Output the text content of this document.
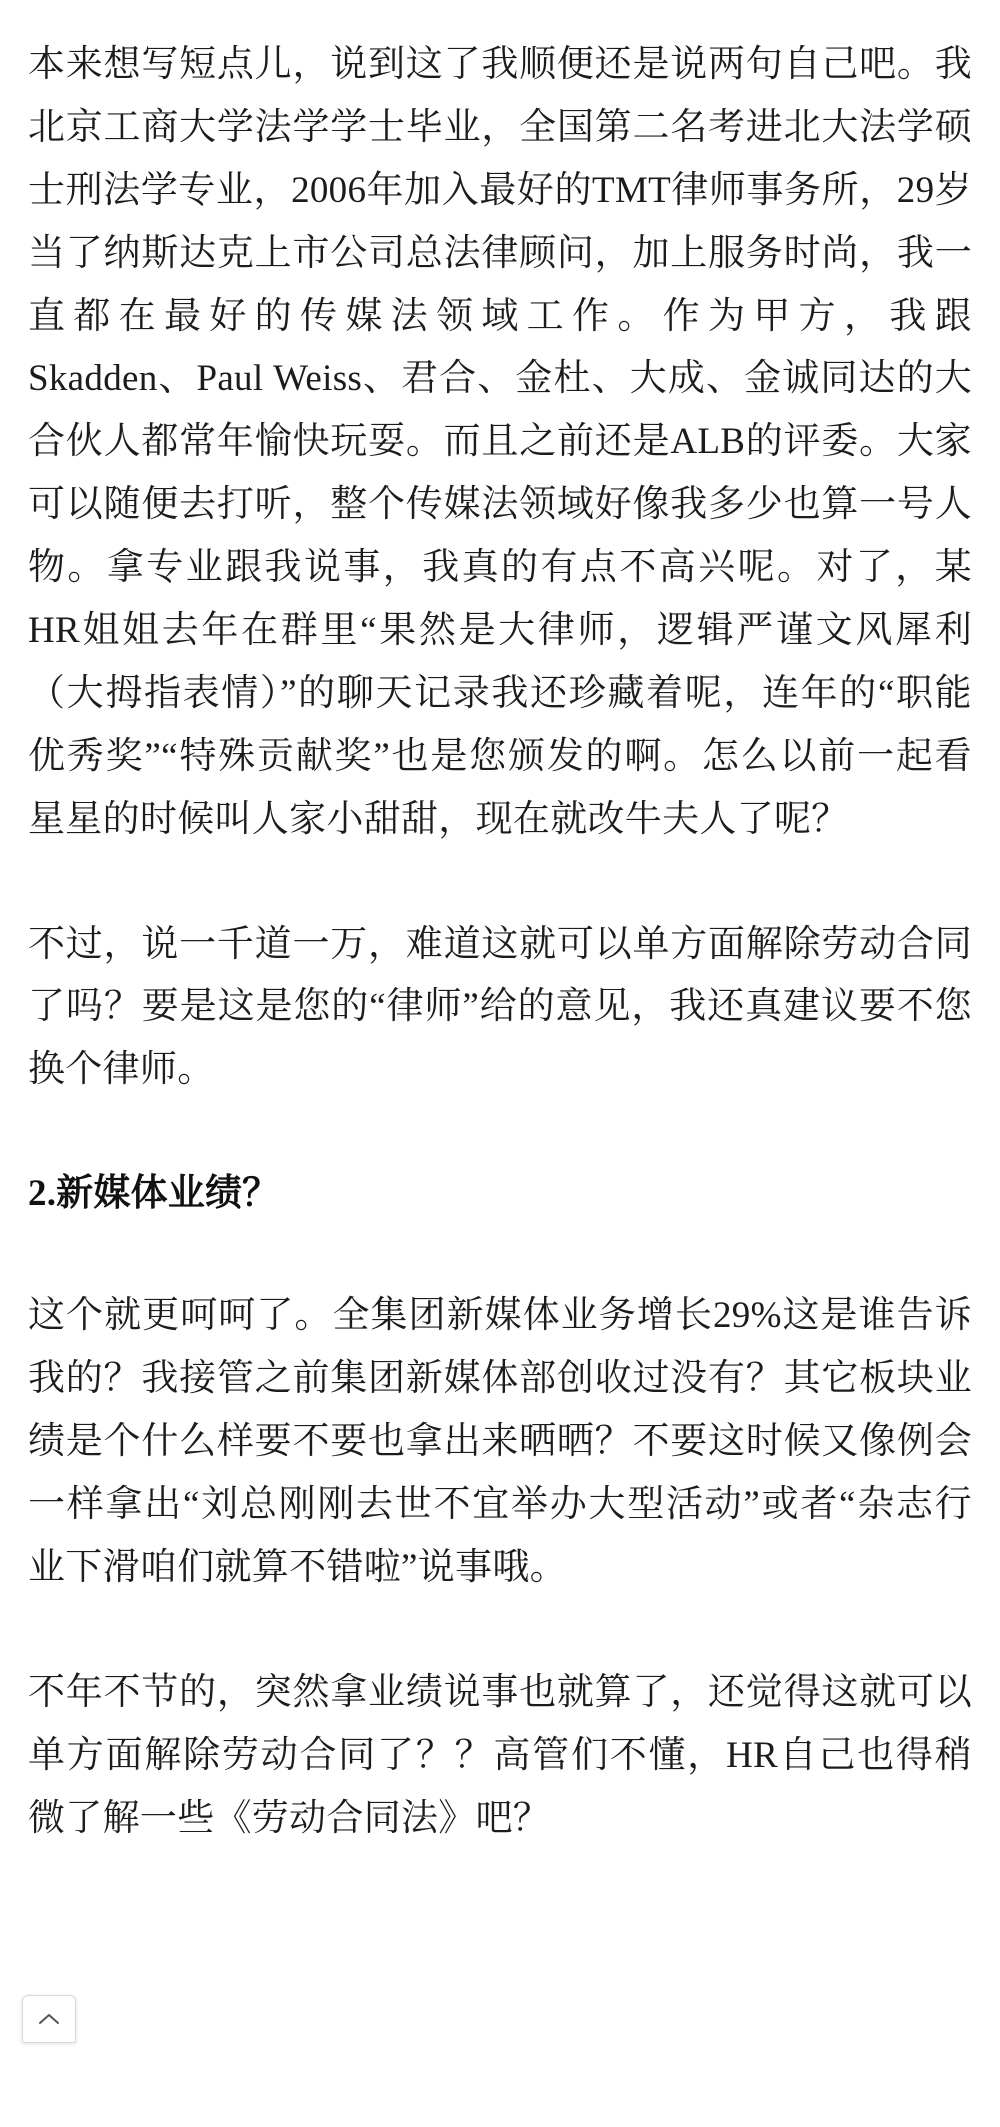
本来想写短点儿，说到这了我顺便还是说两句自己吧。我北京工商大学法学学士毕业，全国第二名考进北大法学硕士刑法学专业，2006年加入最好的TMT律师事务所，29岁当了纳斯达克上市公司总法律顾问，加上服务时尚，我一直都在最好的传媒法领域工作。作为甲方，我跟Skadden、Paul Weiss、君合、金杜、大成、金诚同达的大合伙人都常年愉快玩耍。而且之前还是ALB的评委。大家可以随便去打听，整个传媒法领域好像我多少也算一号人物。拿专业跟我说事，我真的有点不高兴呢。对了，某HR姐姐去年在群里“果然是大律师，逻辑严谨文风犀利（大拇指表情）”的聊天记录我还珍藏着呢，连年的“职能优秀奖”“特殊贡献奖”也是您颁发的啊。怎么以前一起看星星的时候叫人家小甜甜，现在就改牛夫人了呢？

不过，说一千道一万，难道这就可以单方面解除劳动合同了吗？要是这是您的“律师”给的意见，我还真建议要不您换个律师。

2.新媒体业绩？

这个就更呵呵了。全集团新媒体业务增长29%这是谁告诉我的？我接管之前集团新媒体部创收过没有？其它板块业绩是个什么样要不要也拿出来晒晒？不要这时候又像例会一样拿出“刘总刚刚去世不宜举办大型活动”或者“杂志行业下滑咱们就算不错啦”说事哦。

不年不节的，突然拿业绩说事也就算了，还觉得这就可以单方面解除劳动合同了？？高管们不懂，HR自己也得稍微了解一些《劳动合同法》吧？
